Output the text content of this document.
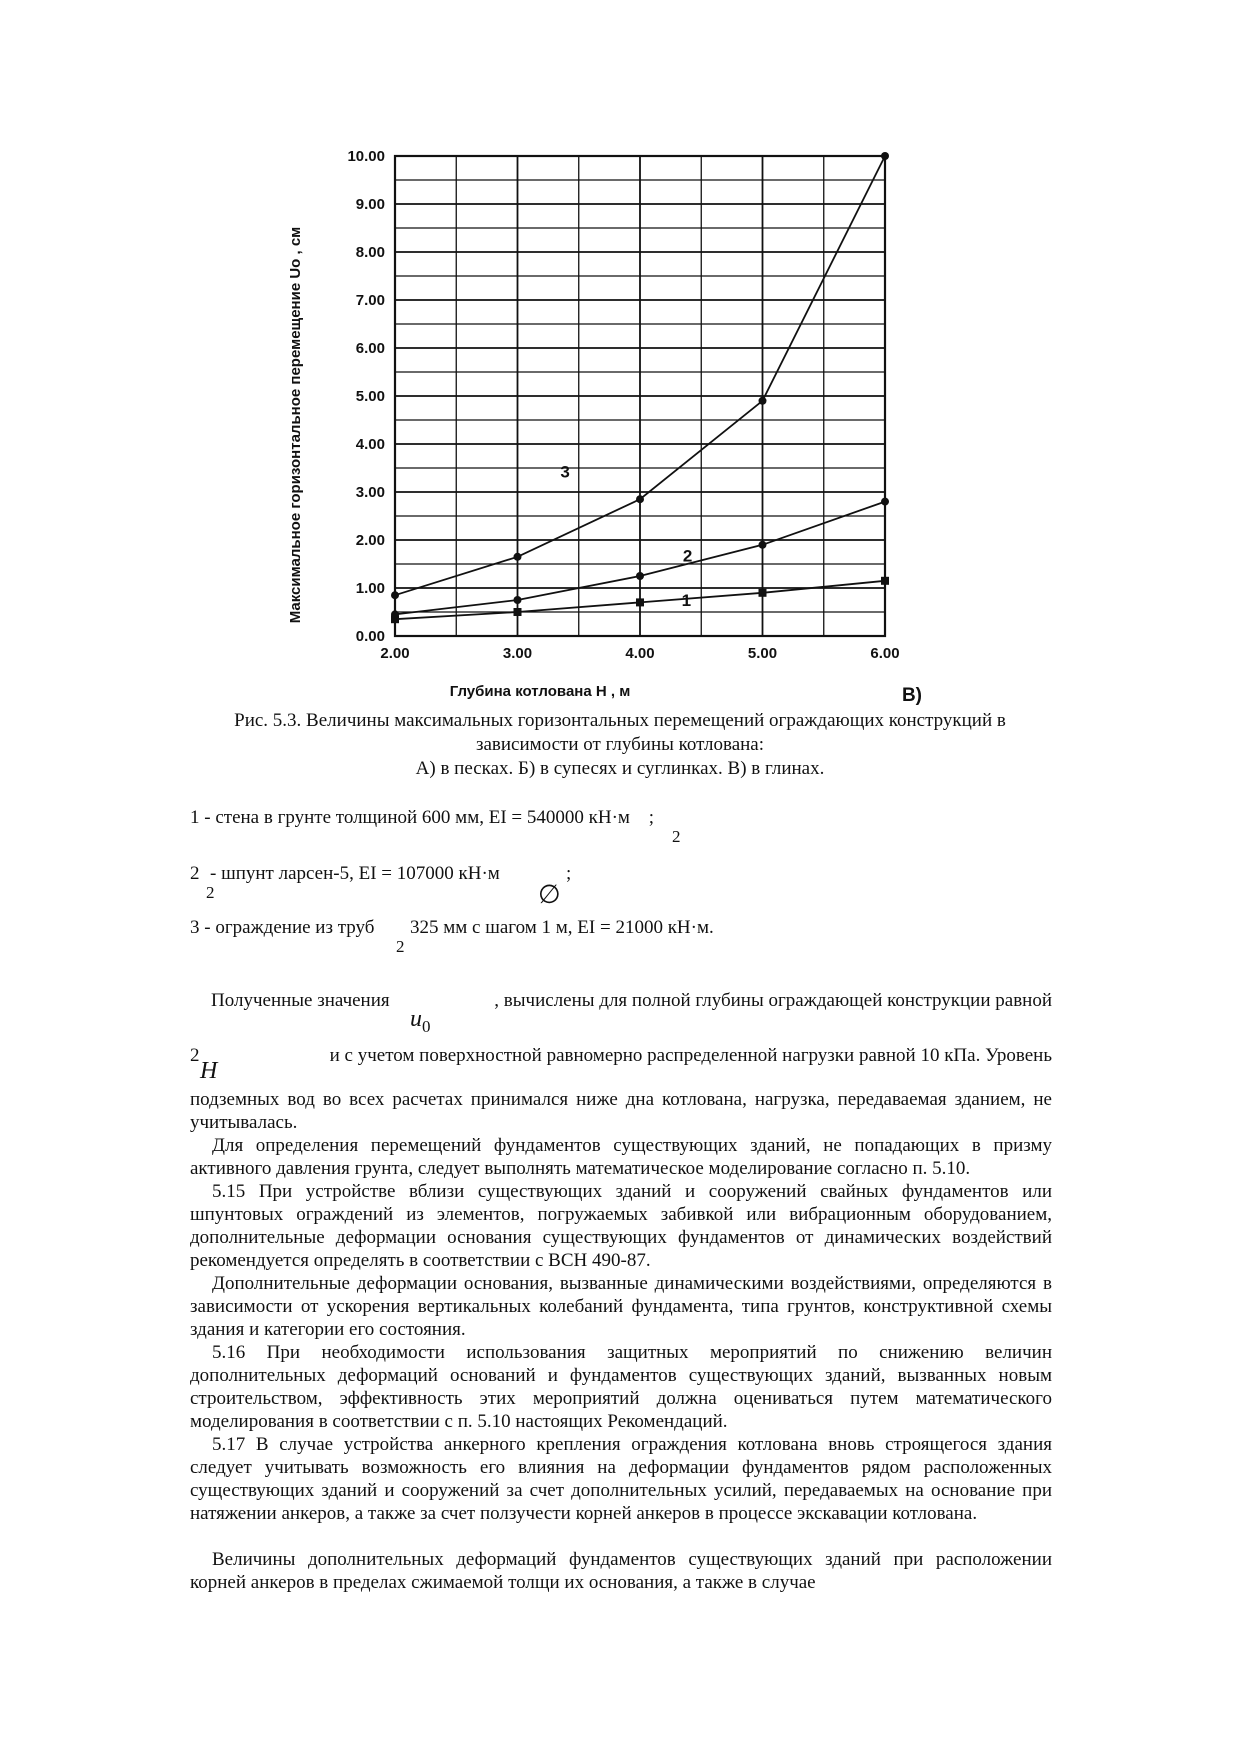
2.00	3.00	4.00	5.00	6.00
0.00
1.00
2.00
3.00
4.00
5.00
6.00
7.00
8.00
9.00
10.00
1
2
3
Глубина котлована Н , м
Максимальное горизонтальное перемещение Uo , см
В)
Рис. 5.3. Величины максимальных горизонтальных перемещений ограждающих конструкций в
зависимости от глубины котлована:
А) в песках. Б) в супесях и суглинках. В) в глинах.
1 - стена в грунте толщиной 600 мм, EI = 540000 кН·м ;
2
2 - шпунт ларсен-5, EI = 107000 кН·м	;
2	∅
3 - ограждение из труб 325 мм с шагом 1 м, EI = 21000 кН·м.
2
Полученные значения	, вычислены для полной глубины ограждающей конструкции равной
u0
2
H
и с учетом поверхностной равномерно распределенной нагрузки равной 10 кПа. Уровень
подземных вод во всех расчетах принимался ниже дна котлована, нагрузка, передаваемая зданием, не учитывалась.
Для определения перемещений фундаментов существующих зданий, не попадающих в призму активного давления грунта, следует выполнять математическое моделирование согласно п. 5.10.
5.15 При устройстве вблизи существующих зданий и сооружений свайных фундаментов или шпунтовых ограждений из элементов, погружаемых забивкой или вибрационным оборудованием, дополнительные деформации основания существующих фундаментов от динамических воздействий рекомендуется определять в соответствии с ВСН 490-87.
Дополнительные деформации основания, вызванные динамическими воздействиями, определяются в зависимости от ускорения вертикальных колебаний фундамента, типа грунтов, конструктивной схемы здания и категории его состояния.
5.16 При необходимости использования защитных мероприятий по снижению величин дополнительных деформаций оснований и фундаментов существующих зданий, вызванных новым строительством, эффективность этих мероприятий должна оцениваться путем математического моделирования в соответствии с п. 5.10 настоящих Рекомендаций.
5.17 В случае устройства анкерного крепления ограждения котлована вновь строящегося здания следует учитывать возможность его влияния на деформации фундаментов рядом расположенных существующих зданий и сооружений за счет дополнительных усилий, передаваемых на основание при натяжении анкеров, а также за счет ползучести корней анкеров в процессе экскавации котлована.
Величины дополнительных деформаций фундаментов существующих зданий при расположении корней анкеров в пределах сжимаемой толщи их основания, а также в случае
